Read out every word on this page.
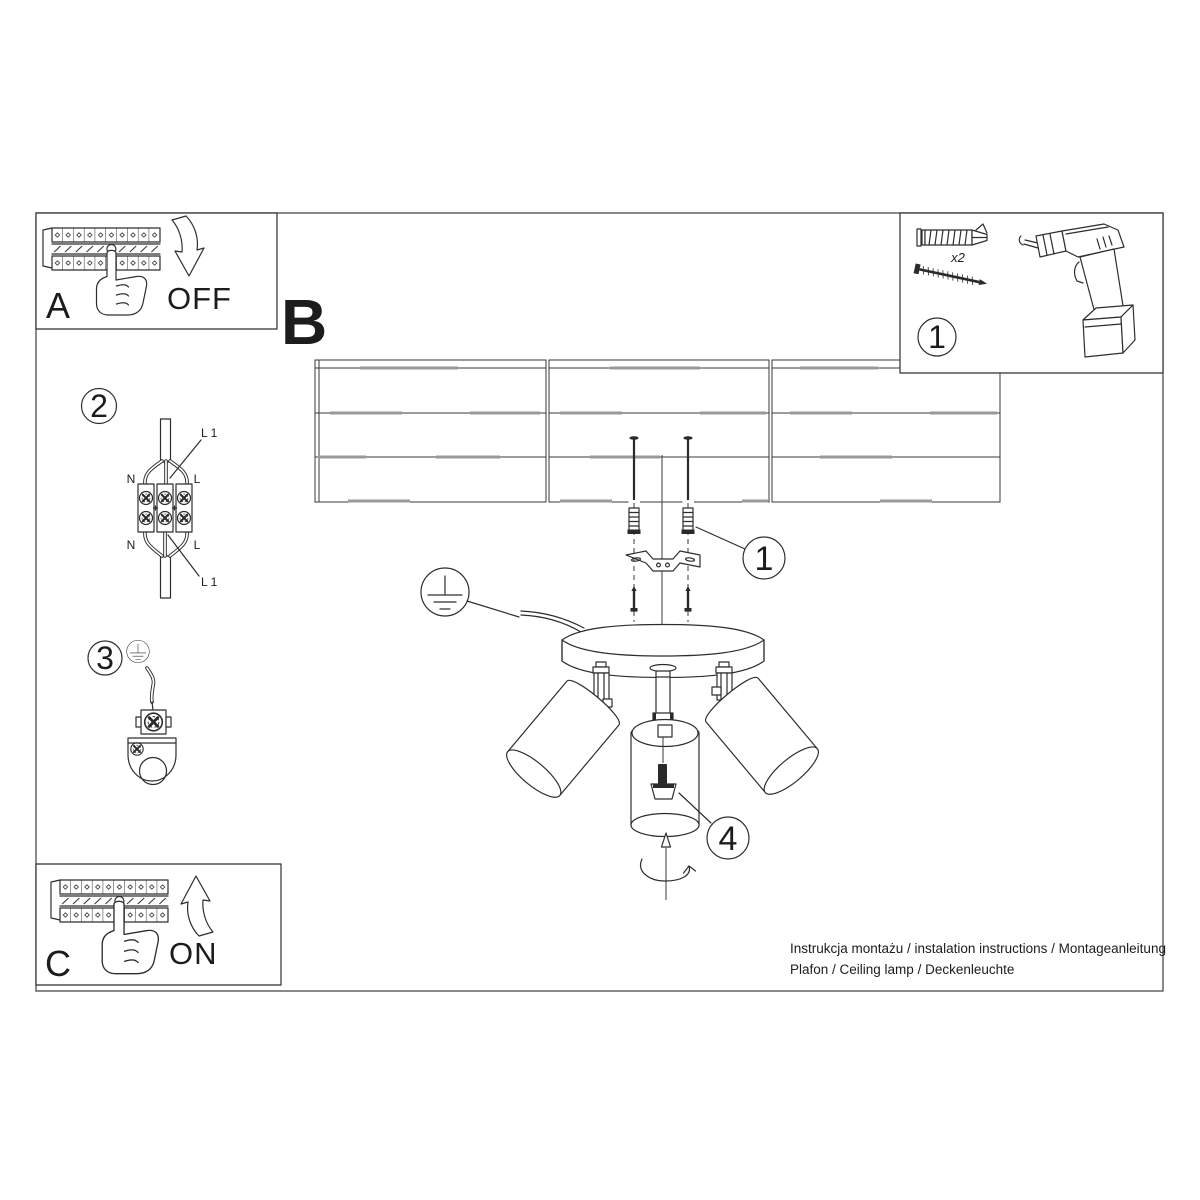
B
1
4
2
N	L
N	L
L 1
L 1
3
OFF
A
ON
C
x2
1
Instrukcja montażu / instalation instructions / Montageanleitung
Plafon / Ceiling lamp / Deckenleuchte
